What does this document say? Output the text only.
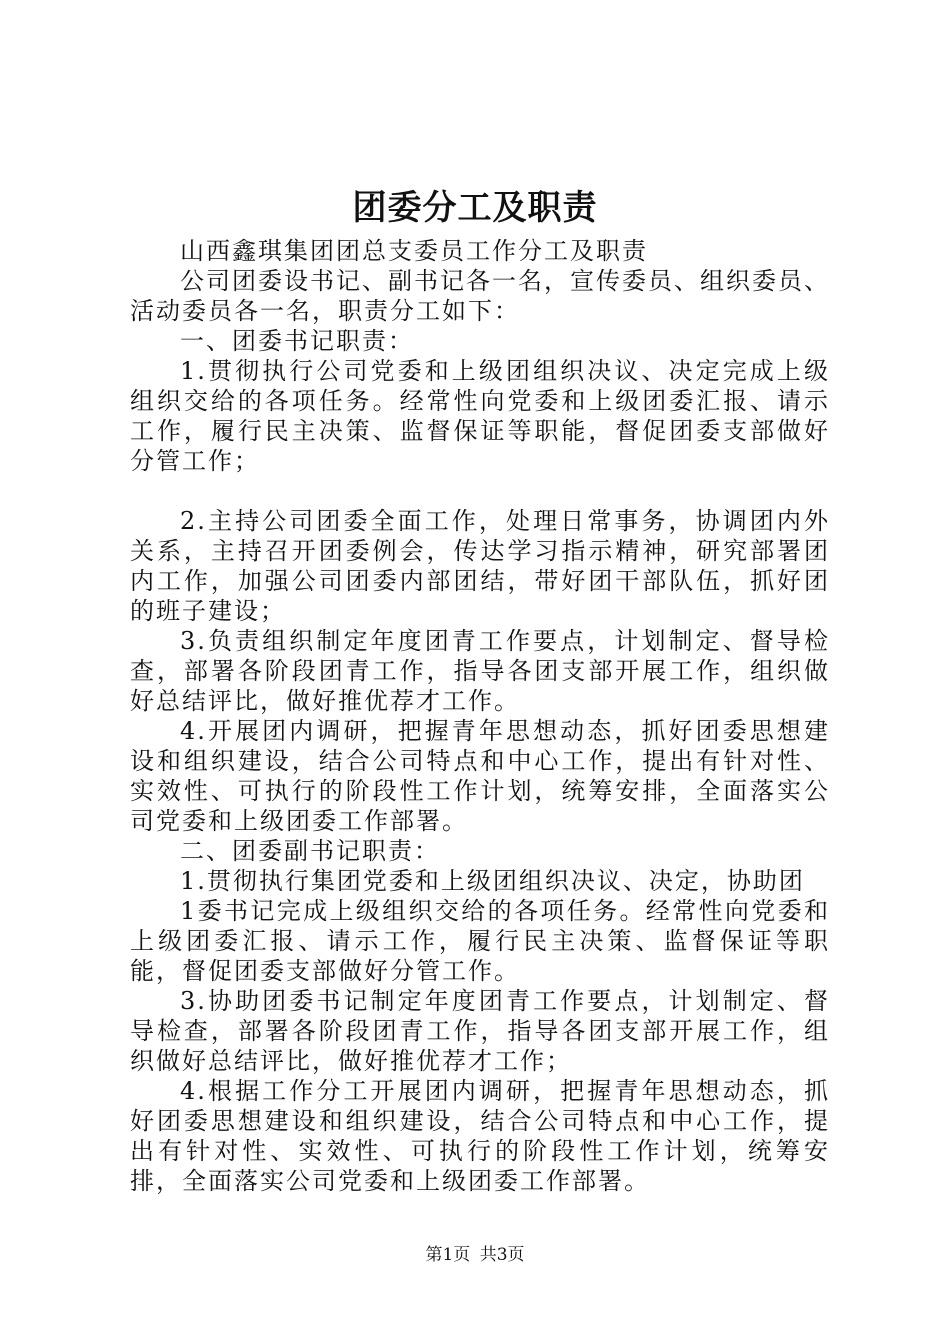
团委分工及职责

山西鑫琪集团团总支委员工作分工及职责

公司团委设书记、副书记各一名，宣传委员、组织委员、活动委员各一名，职责分工如下：

一、团委书记职责：

1.贯彻执行公司党委和上级团组织决议、决定完成上级组织交给的各项任务。经常性向党委和上级团委汇报、请示工作，履行民主决策、监督保证等职能，督促团委支部做好分管工作；

2.主持公司团委全面工作，处理日常事务，协调团内外关系，主持召开团委例会，传达学习指示精神，研究部署团内工作，加强公司团委内部团结，带好团干部队伍，抓好团的班子建设；

3.负责组织制定年度团青工作要点，计划制定、督导检查，部署各阶段团青工作，指导各团支部开展工作，组织做好总结评比，做好推优荐才工作。

4.开展团内调研，把握青年思想动态，抓好团委思想建设和组织建设，结合公司特点和中心工作，提出有针对性、实效性、可执行的阶段性工作计划，统筹安排，全面落实公司党委和上级团委工作部署。

二、团委副书记职责：

1.贯彻执行集团党委和上级团组织决议、决定，协助团

1委书记完成上级组织交给的各项任务。经常性向党委和上级团委汇报、请示工作，履行民主决策、监督保证等职能，督促团委支部做好分管工作。

3.协助团委书记制定年度团青工作要点，计划制定、督导检查，部署各阶段团青工作，指导各团支部开展工作，组织做好总结评比，做好推优荐才工作；

4.根据工作分工开展团内调研，把握青年思想动态，抓好团委思想建设和组织建设，结合公司特点和中心工作，提出有针对性、实效性、可执行的阶段性工作计划，统筹安排，全面落实公司党委和上级团委工作部署。

第1页 共3页
